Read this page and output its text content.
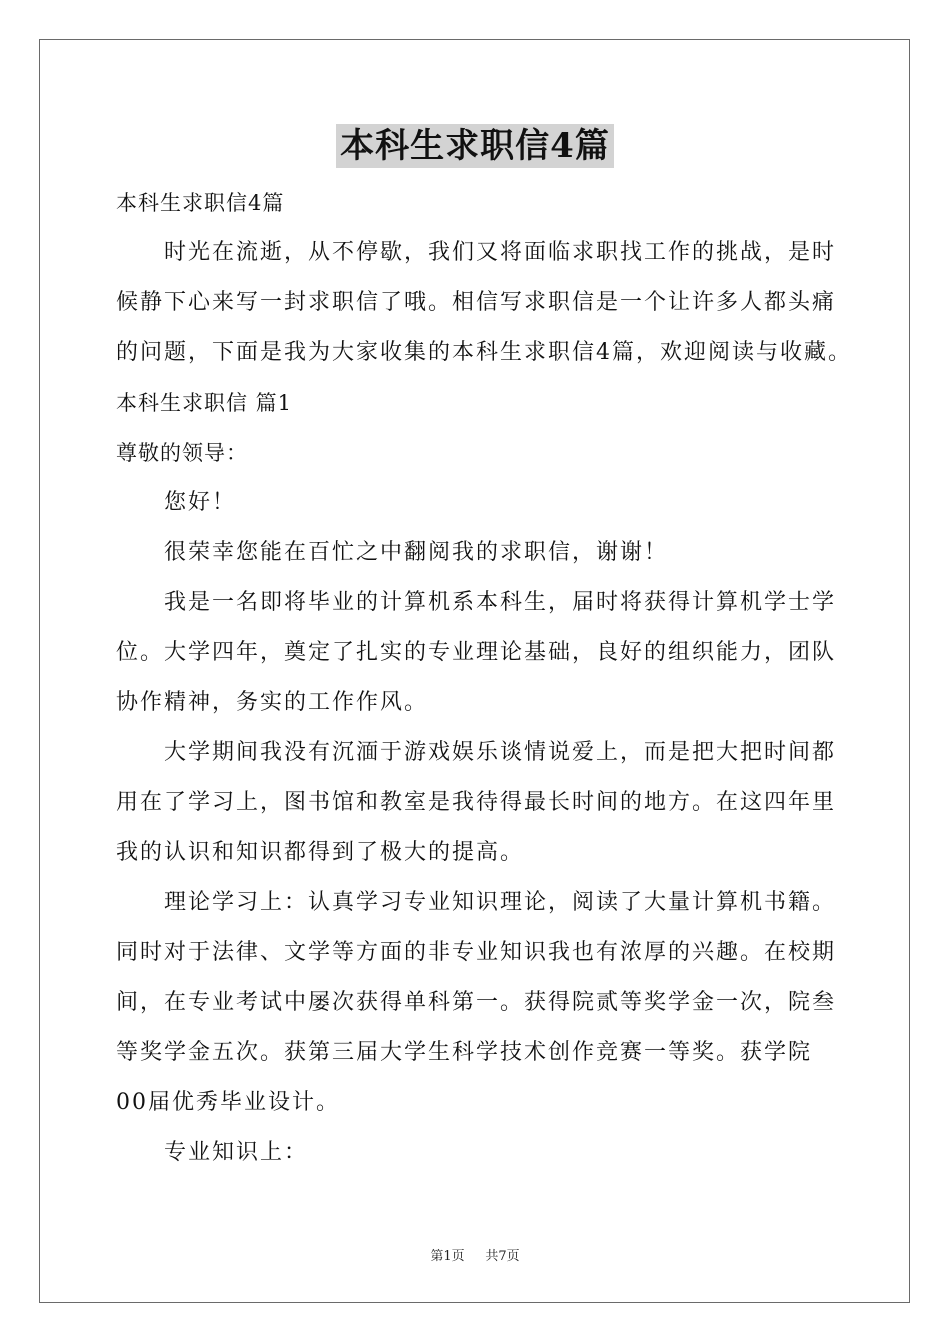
本科生求职信4篇
本科生求职信4篇
时光在流逝，从不停歇，我们又将面临求职找工作的挑战，是时
候静下心来写一封求职信了哦。相信写求职信是一个让许多人都头痛
的问题，下面是我为大家收集的本科生求职信4篇，欢迎阅读与收藏。
本科生求职信 篇1
尊敬的领导：
您好！
很荣幸您能在百忙之中翻阅我的求职信，谢谢！
我是一名即将毕业的计算机系本科生，届时将获得计算机学士学
位。大学四年，奠定了扎实的专业理论基础，良好的组织能力，团队
协作精神，务实的工作作风。
大学期间我没有沉湎于游戏娱乐谈情说爱上，而是把大把时间都
用在了学习上，图书馆和教室是我待得最长时间的地方。在这四年里
我的认识和知识都得到了极大的提高。
理论学习上：认真学习专业知识理论，阅读了大量计算机书籍。
同时对于法律、文学等方面的非专业知识我也有浓厚的兴趣。在校期
间，在专业考试中屡次获得单科第一。获得院贰等奖学金一次，院叁
等奖学金五次。获第三届大学生科学技术创作竞赛一等奖。获学院
00届优秀毕业设计。
专业知识上：
第1页 共7页
